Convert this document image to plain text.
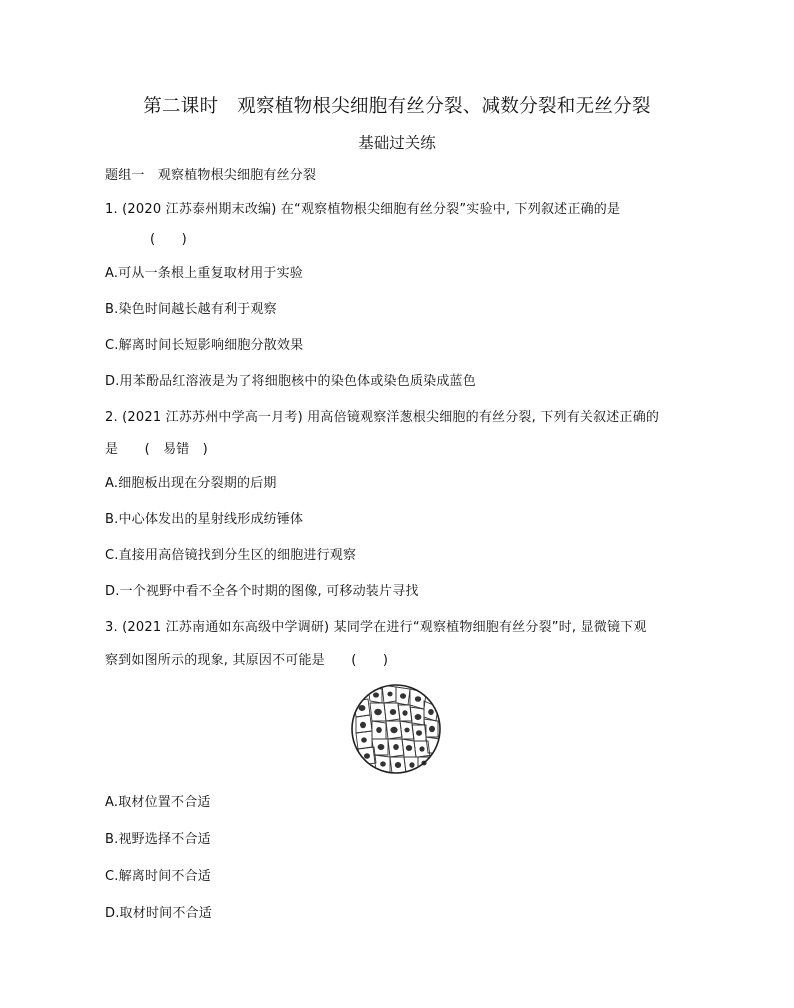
第二课时　观察植物根尖细胞有丝分裂、减数分裂和无丝分裂
基础过关练
题组一　观察植物根尖细胞有丝分裂
1. (2020 江苏泰州期末改编) 在“观察植物根尖细胞有丝分裂”实验中, 下列叙述正确的是
(　　)
A.可从一条根上重复取材用于实验
B.染色时间越长越有利于观察
C.解离时间长短影响细胞分散效果
D.用苯酚品红溶液是为了将细胞核中的染色体或染色质染成蓝色
2. (2021 江苏苏州中学高一月考) 用高倍镜观察洋葱根尖细胞的有丝分裂, 下列有关叙述正确的
是　　(　易错　)
A.细胞板出现在分裂期的后期
B.中心体发出的星射线形成纺锤体
C.直接用高倍镜找到分生区的细胞进行观察
D.一个视野中看不全各个时期的图像, 可移动装片寻找
3. (2021 江苏南通如东高级中学调研) 某同学在进行“观察植物细胞有丝分裂”时, 显微镜下观
察到如图所示的现象, 其原因不可能是　　(　　)
A.取材位置不合适
B.视野选择不合适
C.解离时间不合适
D.取材时间不合适
